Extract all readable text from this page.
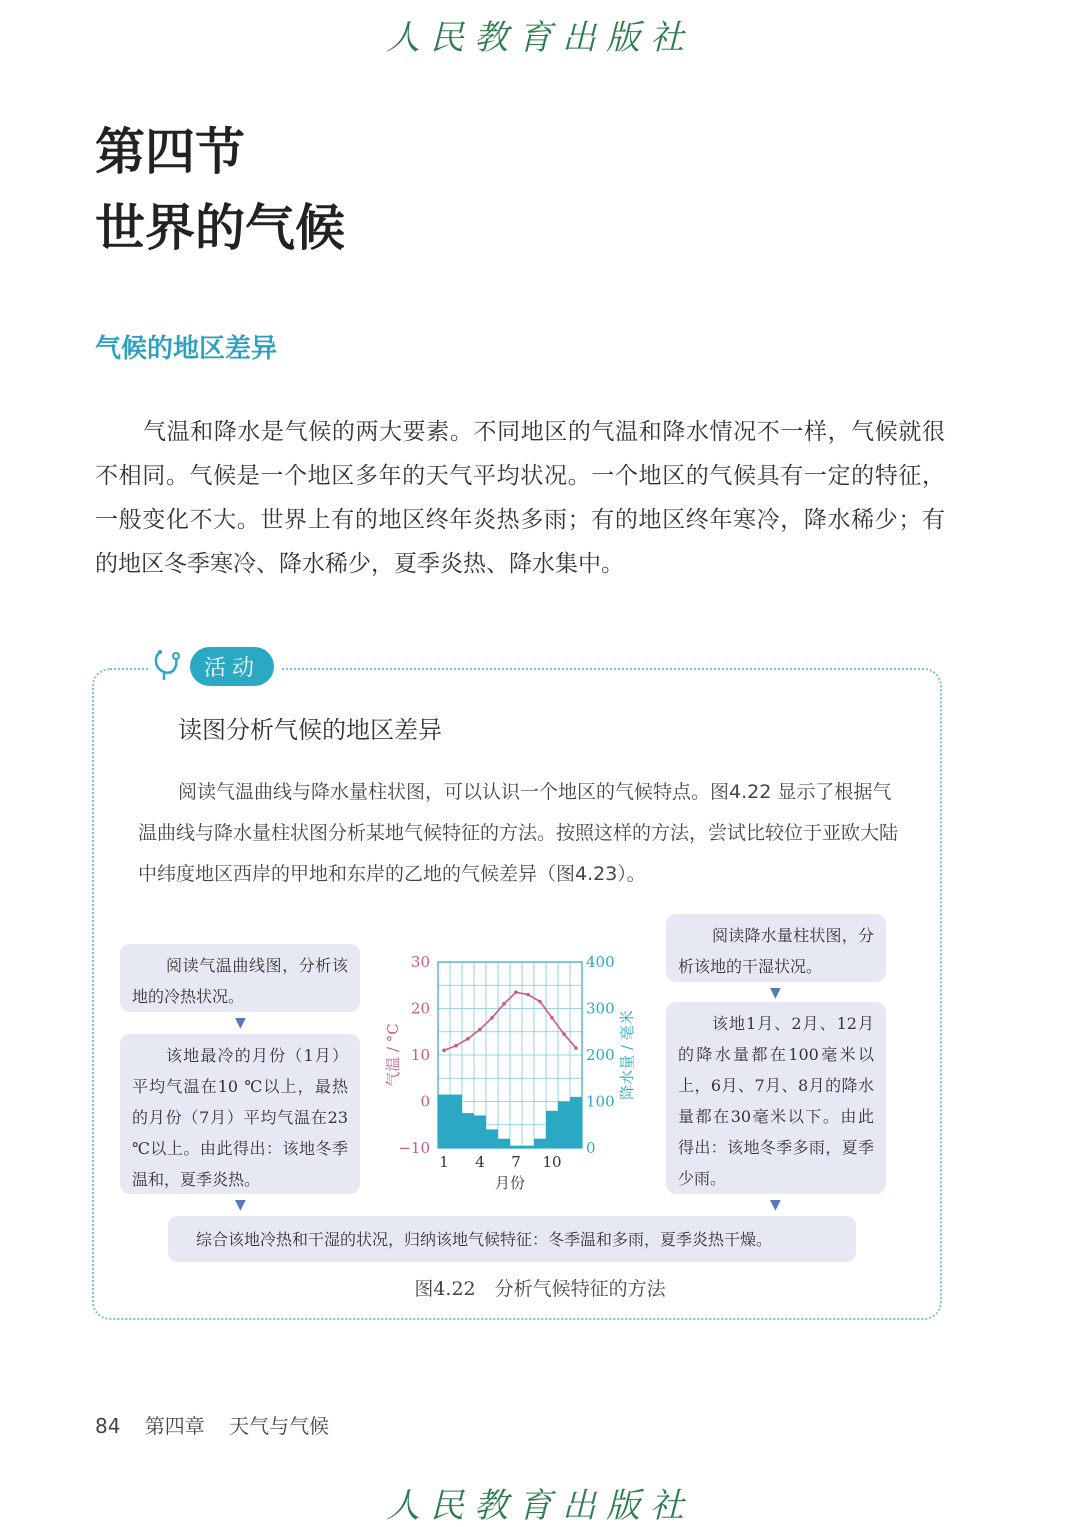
人民教育出版社
第四节
世界的气候
气候的地区差异

气温和降水是气候的两大要素。不同地区的气温和降水情况不一样，气候就很不相同。气候是一个地区多年的天气平均状况。一个地区的气候具有一定的特征，一般变化不大。世界上有的地区终年炎热多雨；有的地区终年寒冷，降水稀少；有的地区冬季寒冷、降水稀少，夏季炎热、降水集中。

活动
读图分析气候的地区差异

阅读气温曲线与降水量柱状图，可以认识一个地区的气候特点。图4.22 显示了根据气温曲线与降水量柱状图分析某地气候特征的方法。按照这样的方法，尝试比较位于亚欧大陆中纬度地区西岸的甲地和东岸的乙地的气候差异（图4.23）。

阅读气温曲线图，分析该地的冷热状况。

▼

该地最冷的月份（1月）平均气温在10 ℃以上，最热的月份（7月）平均气温在23 ℃以上。由此得出：该地冬季温和，夏季炎热。

▼

阅读降水量柱状图，分析该地的干湿状况。

▼

该地1月、2月、12月的降水量都在100毫米以上，6月、7月、8月的降水量都在30毫米以下。由此得出：该地冬季多雨，夏季少雨。

▼

综合该地冷热和干湿的状况，归纳该地气候特征：冬季温和多雨，夏季炎热干燥。

30
20
10
0
−10
400
300
200
100
0
1 4 7 10
气温 / °C	降水量 / 毫米
月份
图4.22　分析气候特征的方法
84 第四章 天气与气候
人民教育出版社
